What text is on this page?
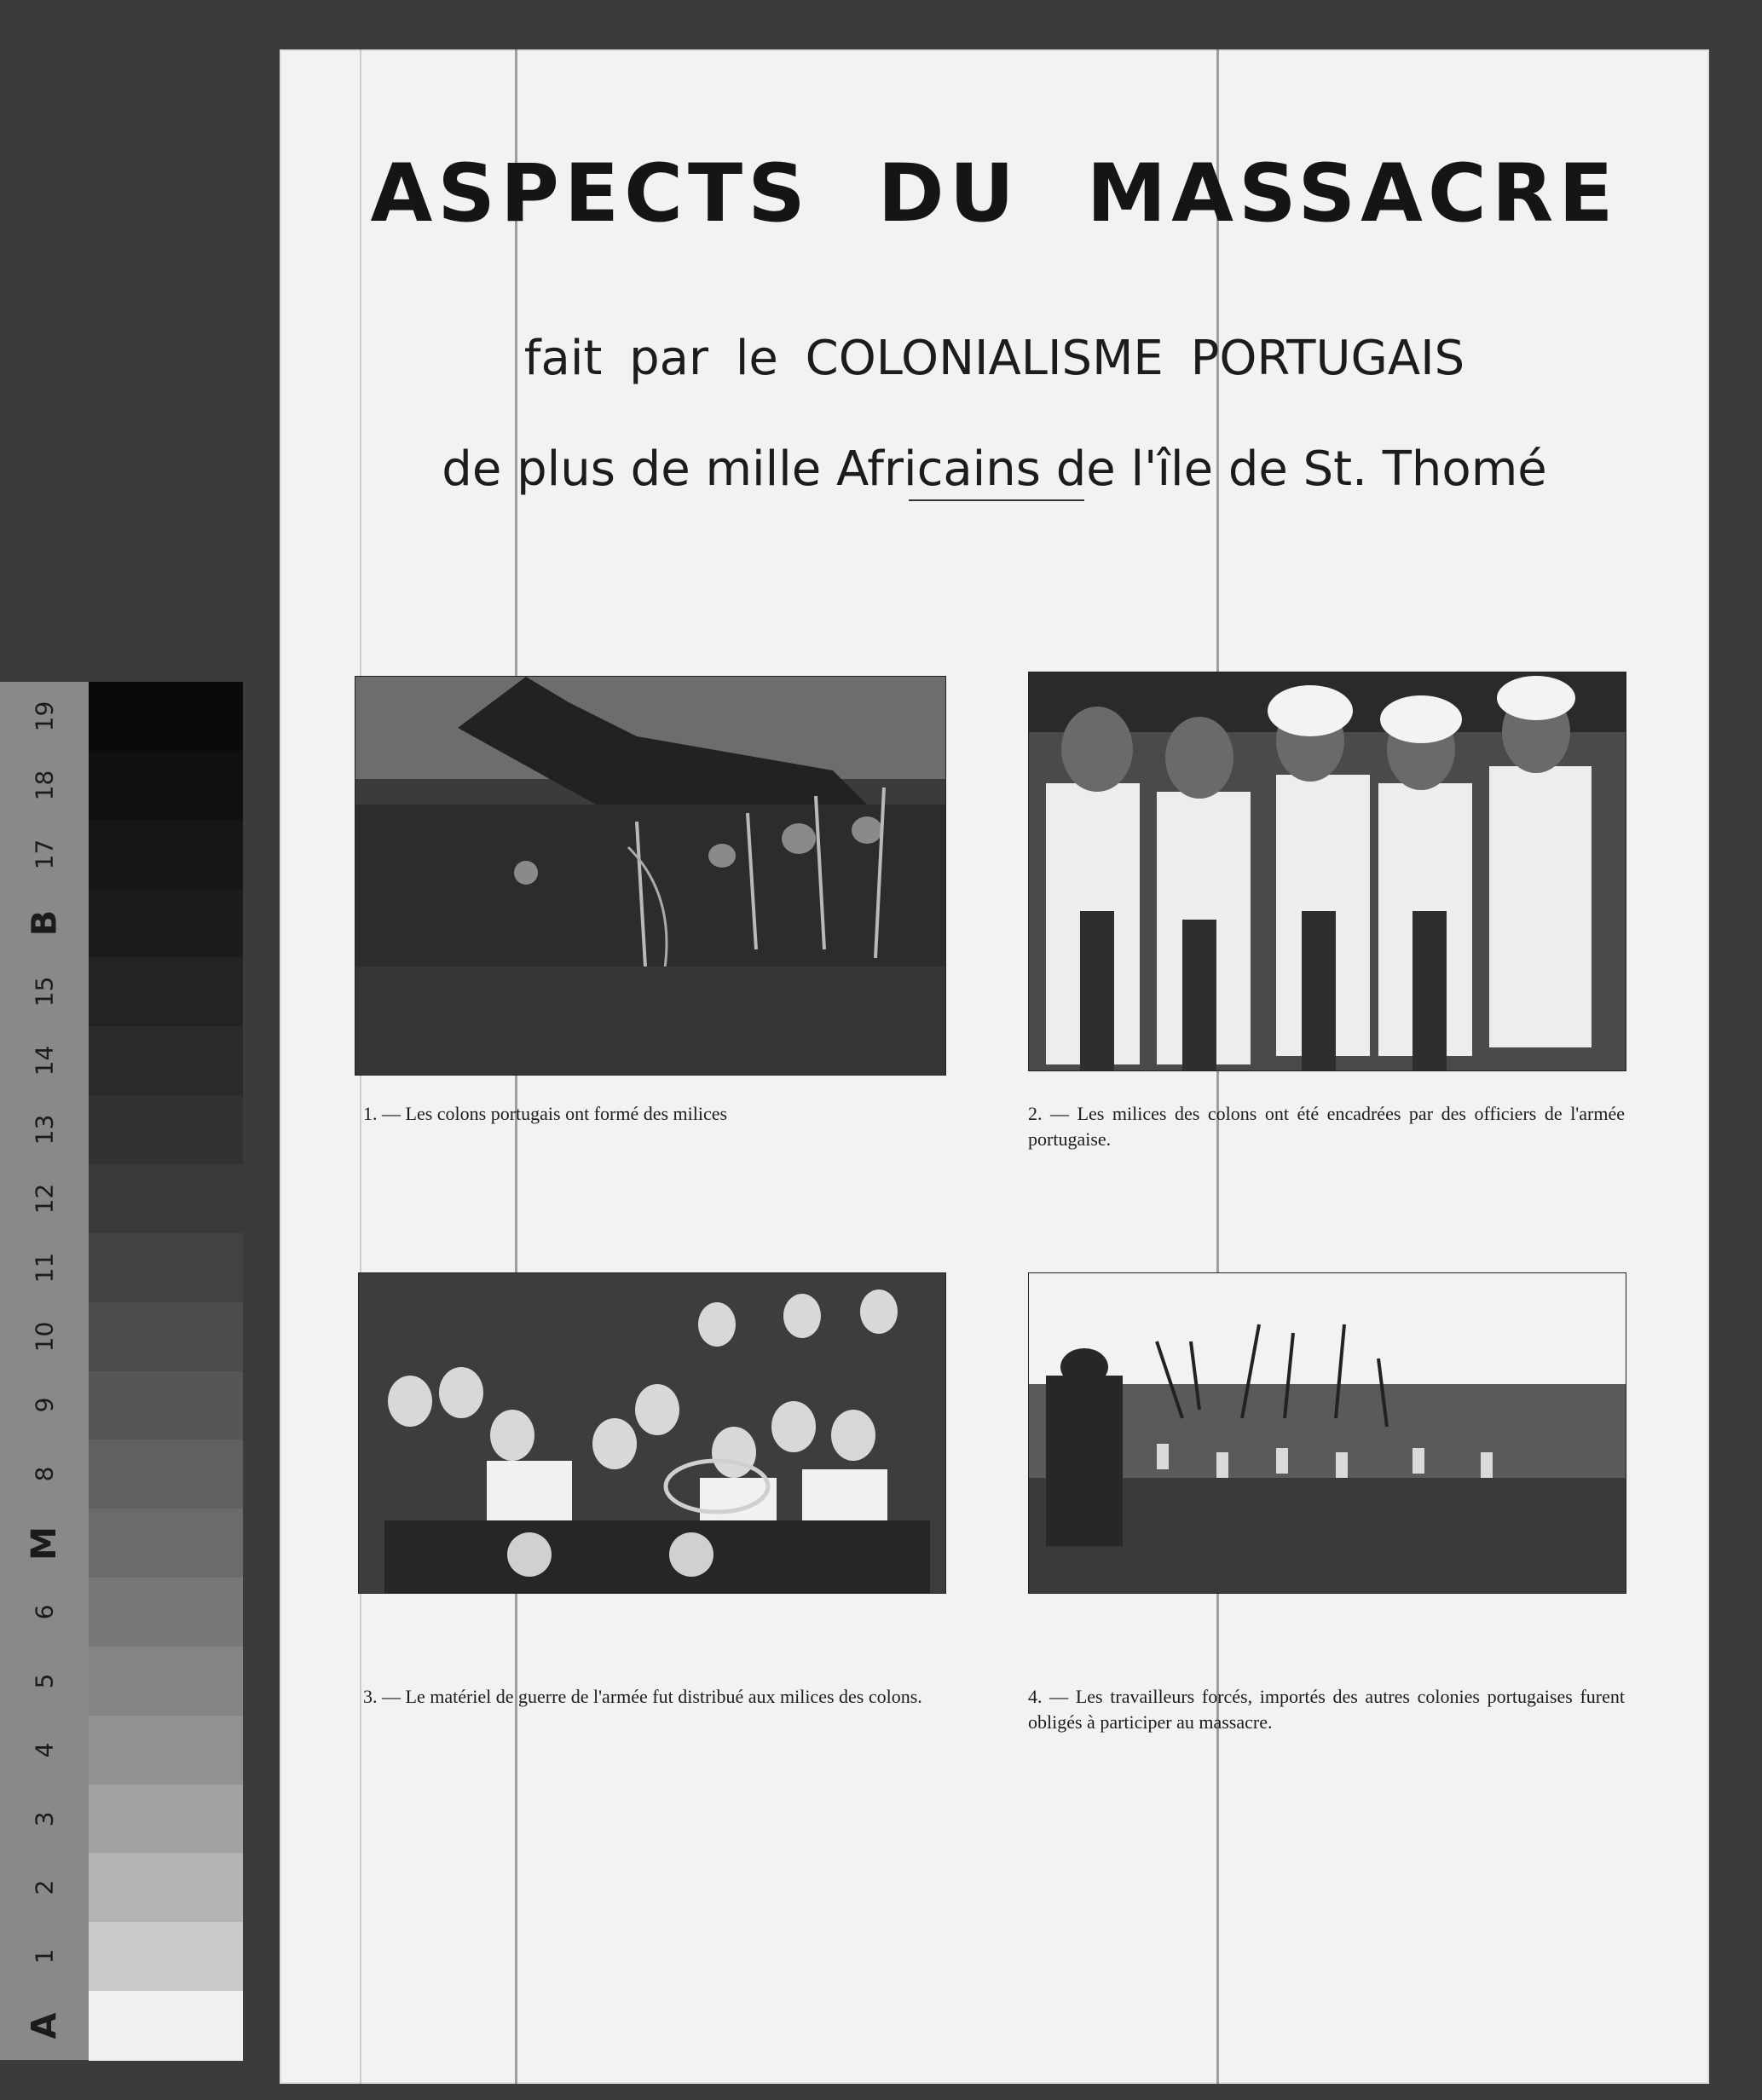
19
18
17
B
15
14
13
12
11
10
9
8
M
6
5
4
3
2
1
A
ASPECTS DU MASSACRE

fait par le COLONIALISME PORTUGAIS

de plus de mille Africains de l'île de St. Thomé

1. — Les colons portugais ont formé des milices	2. — Les milices des colons ont été encadrées par des officiers de l'armée portugaise.

3. — Le matériel de guerre de l'armée fut distribué aux milices des colons.	4. — Les travailleurs forcés, importés des autres colonies portugaises furent obligés à participer au massacre.
